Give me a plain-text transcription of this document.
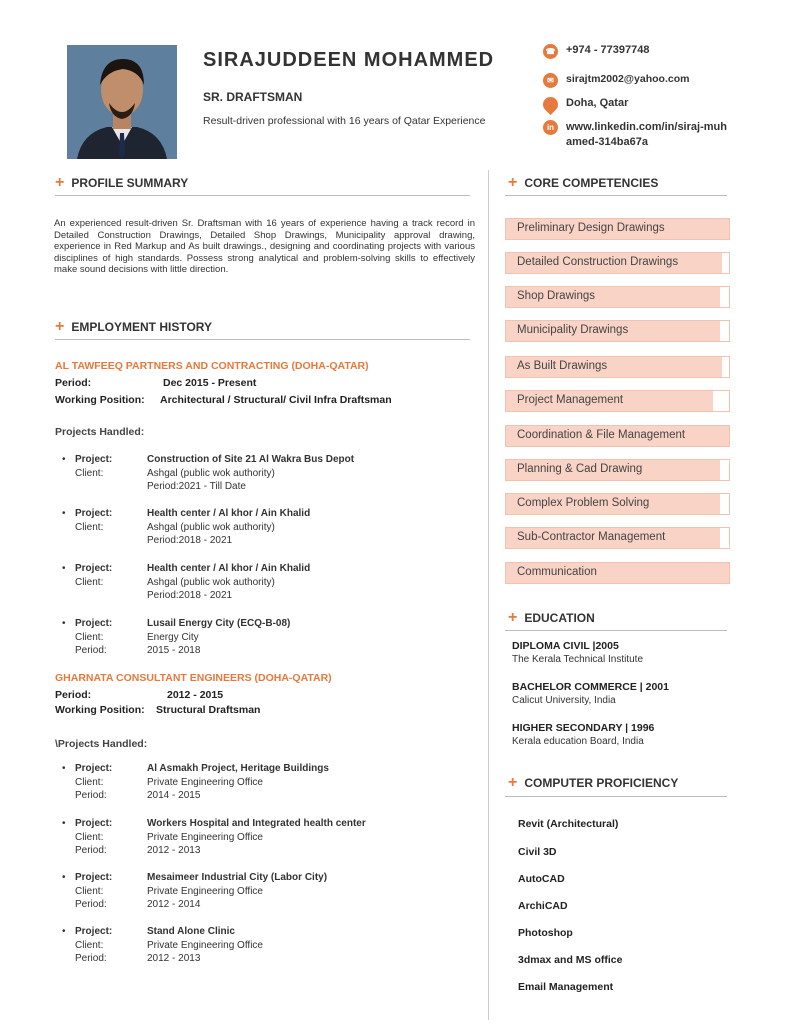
SIRAJUDDEEN MOHAMMED
SR. DRAFTSMAN
Result-driven professional with 16 years of Qatar Experience
☎ +974 - 77397748
✉	sirajtm2002@yahoo.com
Doha, Qatar
in	www.linkedin.com/in/siraj-muhamed-314ba67a
+ PROFILE SUMMARY
An experienced result-driven Sr. Draftsman with 16 years of experience having a track record in Detailed Construction Drawings, Detailed Shop Drawings, Municipality approval drawing, experience in Red Markup and As built drawings., designing and coordinating projects with various disciplines of high standards. Possess strong analytical and problem-solving skills to effectively make sound decisions with little direction.
+ EMPLOYMENT HISTORY
AL TAWFEEQ PARTNERS AND CONTRACTING (DOHA-QATAR)
Period:	Dec 2015 - Present
Working Position: Architectural / Structural/ Civil Infra Draftsman
Projects Handled:
• Project:	Construction of Site 21 Al Wakra Bus Depot
Client:	Ashgal (public wok authority)
Period:2021 - Till Date
• Project:	Health center / Al khor / Ain Khalid
Client:	Ashgal (public wok authority)
Period:2018 - 2021
• Project:	Health center / Al khor / Ain Khalid
Client:	Ashgal (public wok authority)
Period:2018 - 2021
• Project:	Lusail Energy City (ECQ-B-08)
Client:	Energy City
Period:	2015 - 2018
GHARNATA CONSULTANT ENGINEERS (DOHA-QATAR)
Period:	2012 - 2015
Working Position: Structural Draftsman
\Projects Handled:
• Project:	Al Asmakh Project, Heritage Buildings
Client:	Private Engineering Office
Period:	2014 - 2015
• Project:	Workers Hospital and Integrated health center
Client:	Private Engineering Office
Period:	2012 - 2013
• Project:	Mesaimeer Industrial City (Labor City)
Client:	Private Engineering Office
Period:	2012 - 2014
• Project:	Stand Alone Clinic
Client:	Private Engineering Office
Period:	2012 - 2013
+ CORE COMPETENCIES
Preliminary Design Drawings
Detailed Construction Drawings
Shop Drawings
Municipality Drawings
As Built Drawings
Project Management
Coordination & File Management
Planning & Cad Drawing
Complex Problem Solving
Sub-Contractor Management
Communication
+ EDUCATION
DIPLOMA CIVIL |2005
The Kerala Technical Institute
BACHELOR COMMERCE | 2001
Calicut University, India
HIGHER SECONDARY | 1996
Kerala education Board, India
+ COMPUTER PROFICIENCY
Revit (Architectural)
Civil 3D
AutoCAD
ArchiCAD
Photoshop
3dmax and MS office
Email Management
